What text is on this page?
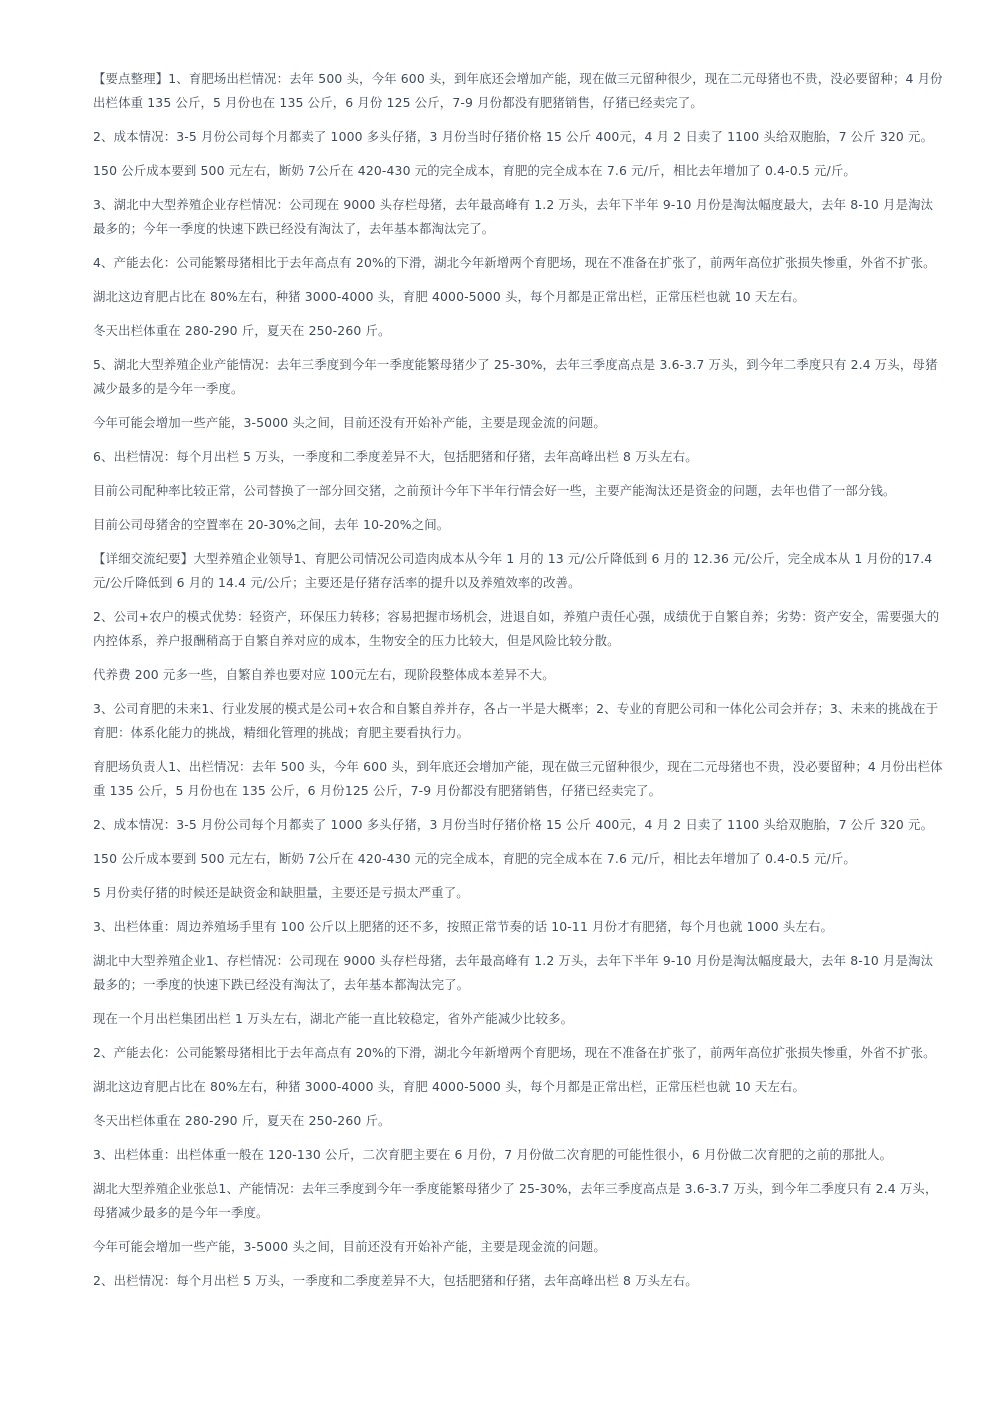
【要点整理】1、育肥场出栏情况：去年 500 头，今年 600 头，到年底还会增加产能，现在做三元留种很少，现在二元母猪也不贵，没必要留种；4 月份出栏体重 135 公斤，5 月份也在 135 公斤，6 月份 125 公斤，7-9 月份都没有肥猪销售，仔猪已经卖完了。

2、成本情况：3-5 月份公司每个月都卖了 1000 多头仔猪，3 月份当时仔猪价格 15 公斤 400元，4 月 2 日卖了 1100 头给双胞胎，7 公斤 320 元。

150 公斤成本要到 500 元左右，断奶 7公斤在 420-430 元的完全成本，育肥的完全成本在 7.6 元/斤，相比去年增加了 0.4-0.5 元/斤。

3、湖北中大型养殖企业存栏情况：公司现在 9000 头存栏母猪，去年最高峰有 1.2 万头，去年下半年 9-10 月份是淘汰幅度最大，去年 8-10 月是淘汰最多的；今年一季度的快速下跌已经没有淘汰了，去年基本都淘汰完了。

4、产能去化：公司能繁母猪相比于去年高点有 20%的下滑，湖北今年新增两个育肥场，现在不准备在扩张了，前两年高位扩张损失惨重，外省不扩张。

湖北这边育肥占比在 80%左右，种猪 3000-4000 头，育肥 4000-5000 头，每个月都是正常出栏，正常压栏也就 10 天左右。

冬天出栏体重在 280-290 斤，夏天在 250-260 斤。

5、湖北大型养殖企业产能情况：去年三季度到今年一季度能繁母猪少了 25-30%，去年三季度高点是 3.6-3.7 万头，到今年二季度只有 2.4 万头，母猪减少最多的是今年一季度。

今年可能会增加一些产能，3-5000 头之间，目前还没有开始补产能，主要是现金流的问题。

6、出栏情况：每个月出栏 5 万头，一季度和二季度差异不大，包括肥猪和仔猪，去年高峰出栏 8 万头左右。

目前公司配种率比较正常，公司替换了一部分回交猪，之前预计今年下半年行情会好一些，主要产能淘汰还是资金的问题，去年也借了一部分钱。

目前公司母猪舍的空置率在 20-30%之间，去年 10-20%之间。

【详细交流纪要】大型养殖企业领导1、育肥公司情况公司造肉成本从今年 1 月的 13 元/公斤降低到 6 月的 12.36 元/公斤，完全成本从 1 月份的17.4 元/公斤降低到 6 月的 14.4 元/公斤；主要还是仔猪存活率的提升以及养殖效率的改善。

2、公司+农户的模式优势：轻资产，环保压力转移；容易把握市场机会，进退自如，养殖户责任心强，成绩优于自繁自养；劣势：资产安全，需要强大的内控体系，养户报酬稍高于自繁自养对应的成本，生物安全的压力比较大，但是风险比较分散。

代养费 200 元多一些，自繁自养也要对应 100元左右，现阶段整体成本差异不大。

3、公司育肥的未来1、行业发展的模式是公司+农合和自繁自养并存，各占一半是大概率；2、专业的育肥公司和一体化公司会并存；3、未来的挑战在于育肥：体系化能力的挑战，精细化管理的挑战；育肥主要看执行力。

育肥场负责人1、出栏情况：去年 500 头，今年 600 头，到年底还会增加产能，现在做三元留种很少，现在二元母猪也不贵，没必要留种；4 月份出栏体重 135 公斤，5 月份也在 135 公斤，6 月份125 公斤，7-9 月份都没有肥猪销售，仔猪已经卖完了。

2、成本情况：3-5 月份公司每个月都卖了 1000 多头仔猪，3 月份当时仔猪价格 15 公斤 400元，4 月 2 日卖了 1100 头给双胞胎，7 公斤 320 元。

150 公斤成本要到 500 元左右，断奶 7公斤在 420-430 元的完全成本，育肥的完全成本在 7.6 元/斤，相比去年增加了 0.4-0.5 元/斤。

5 月份卖仔猪的时候还是缺资金和缺胆量，主要还是亏损太严重了。

3、出栏体重：周边养殖场手里有 100 公斤以上肥猪的还不多，按照正常节奏的话 10-11 月份才有肥猪，每个月也就 1000 头左右。

湖北中大型养殖企业1、存栏情况：公司现在 9000 头存栏母猪，去年最高峰有 1.2 万头，去年下半年 9-10 月份是淘汰幅度最大，去年 8-10 月是淘汰最多的；一季度的快速下跌已经没有淘汰了，去年基本都淘汰完了。

现在一个月出栏集团出栏 1 万头左右，湖北产能一直比较稳定，省外产能减少比较多。

2、产能去化：公司能繁母猪相比于去年高点有 20%的下滑，湖北今年新增两个育肥场，现在不准备在扩张了，前两年高位扩张损失惨重，外省不扩张。

湖北这边育肥占比在 80%左右，种猪 3000-4000 头，育肥 4000-5000 头，每个月都是正常出栏，正常压栏也就 10 天左右。

冬天出栏体重在 280-290 斤，夏天在 250-260 斤。

3、出栏体重：出栏体重一般在 120-130 公斤，二次育肥主要在 6 月份，7 月份做二次育肥的可能性很小，6 月份做二次育肥的之前的那批人。

湖北大型养殖企业张总1、产能情况：去年三季度到今年一季度能繁母猪少了 25-30%，去年三季度高点是 3.6-3.7 万头，到今年二季度只有 2.4 万头，母猪减少最多的是今年一季度。

今年可能会增加一些产能，3-5000 头之间，目前还没有开始补产能，主要是现金流的问题。

2、出栏情况：每个月出栏 5 万头，一季度和二季度差异不大，包括肥猪和仔猪，去年高峰出栏 8 万头左右。
